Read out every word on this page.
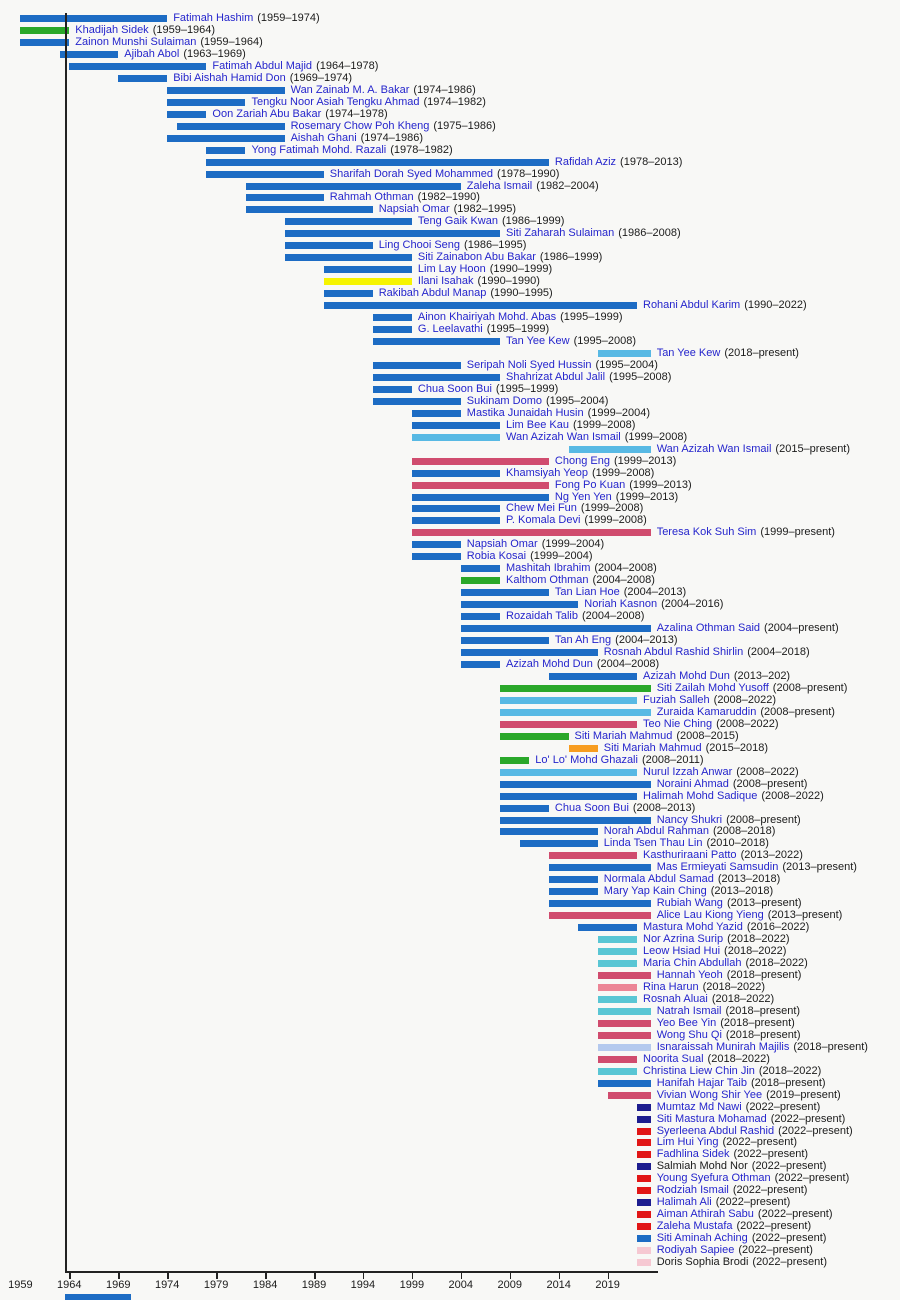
Fatimah Hashim (1959–1974)
Khadijah Sidek (1959–1964)
Zainon Munshi Sulaiman (1959–1964)
Ajibah Abol (1963–1969)
Fatimah Abdul Majid (1964–1978)
Bibi Aishah Hamid Don (1969–1974)
Wan Zainab M. A. Bakar (1974–1986)
Tengku Noor Asiah Tengku Ahmad (1974–1982)
Oon Zariah Abu Bakar (1974–1978)
Rosemary Chow Poh Kheng (1975–1986)
Aishah Ghani (1974–1986)
Yong Fatimah Mohd. Razali (1978–1982)
Rafidah Aziz (1978–2013)
Sharifah Dorah Syed Mohammed (1978–1990)
Zaleha Ismail (1982–2004)
Rahmah Othman (1982–1990)
Napsiah Omar (1982–1995)
Teng Gaik Kwan (1986–1999)
Siti Zaharah Sulaiman (1986–2008)
Ling Chooi Seng (1986–1995)
Siti Zainabon Abu Bakar (1986–1999)
Lim Lay Hoon (1990–1999)
Ilani Isahak (1990–1990)
Rakibah Abdul Manap (1990–1995)
Rohani Abdul Karim (1990–2022)
Ainon Khairiyah Mohd. Abas (1995–1999)
G. Leelavathi (1995–1999)
Tan Yee Kew (1995–2008)
Tan Yee Kew (2018–present)
Seripah Noli Syed Hussin (1995–2004)
Shahrizat Abdul Jalil (1995–2008)
Chua Soon Bui (1995–1999)
Sukinam Domo (1995–2004)
Mastika Junaidah Husin (1999–2004)
Lim Bee Kau (1999–2008)
Wan Azizah Wan Ismail (1999–2008)
Wan Azizah Wan Ismail (2015–present)
Chong Eng (1999–2013)
Khamsiyah Yeop (1999–2008)
Fong Po Kuan (1999–2013)
Ng Yen Yen (1999–2013)
Chew Mei Fun (1999–2008)
P. Komala Devi (1999–2008)
Teresa Kok Suh Sim (1999–present)
Napsiah Omar (1999–2004)
Robia Kosai (1999–2004)
Mashitah Ibrahim (2004–2008)
Kalthom Othman (2004–2008)
Tan Lian Hoe (2004–2013)
Noriah Kasnon (2004–2016)
Rozaidah Talib (2004–2008)
Azalina Othman Said (2004–present)
Tan Ah Eng (2004–2013)
Rosnah Abdul Rashid Shirlin (2004–2018)
Azizah Mohd Dun (2004–2008)
Azizah Mohd Dun (2013–202)
Siti Zailah Mohd Yusoff (2008–present)
Fuziah Salleh (2008–2022)
Zuraida Kamaruddin (2008–present)
Teo Nie Ching (2008–2022)
Siti Mariah Mahmud (2008–2015)
Siti Mariah Mahmud (2015–2018)
Lo' Lo' Mohd Ghazali (2008–2011)
Nurul Izzah Anwar (2008–2022)
Noraini Ahmad (2008–present)
Halimah Mohd Sadique (2008–2022)
Chua Soon Bui (2008–2013)
Nancy Shukri (2008–present)
Norah Abdul Rahman (2008–2018)
Linda Tsen Thau Lin (2010–2018)
Kasthuriraani Patto (2013–2022)
Mas Ermieyati Samsudin (2013–present)
Normala Abdul Samad (2013–2018)
Mary Yap Kain Ching (2013–2018)
Rubiah Wang (2013–present)
Alice Lau Kiong Yieng (2013–present)
Mastura Mohd Yazid (2016–2022)
Nor Azrina Surip (2018–2022)
Leow Hsiad Hui (2018–2022)
Maria Chin Abdullah (2018–2022)
Hannah Yeoh (2018–present)
Rina Harun (2018–2022)
Rosnah Aluai (2018–2022)
Natrah Ismail (2018–present)
Yeo Bee Yin (2018–present)
Wong Shu Qi (2018–present)
Isnaraissah Munirah Majilis (2018–present)
Noorita Sual (2018–2022)
Christina Liew Chin Jin (2018–2022)
Hanifah Hajar Taib (2018–present)
Vivian Wong Shir Yee (2019–present)
Mumtaz Md Nawi (2022–present)
Siti Mastura Mohamad (2022–present)
Syerleena Abdul Rashid (2022–present)
Lim Hui Ying (2022–present)
Fadhlina Sidek (2022–present)
Salmiah Mohd Nor (2022–present)
Young Syefura Othman (2022–present)
Rodziah Ismail (2022–present)
Halimah Ali (2022–present)
Aiman Athirah Sabu (2022–present)
Zaleha Mustafa (2022–present)
Siti Aminah Aching (2022–present)
Rodiyah Sapiee (2022–present)
Doris Sophia Brodi (2022–present)
1959 1964 1969 1974 1979 1984 1989 1994 1999 2004 2009 2014 2019
